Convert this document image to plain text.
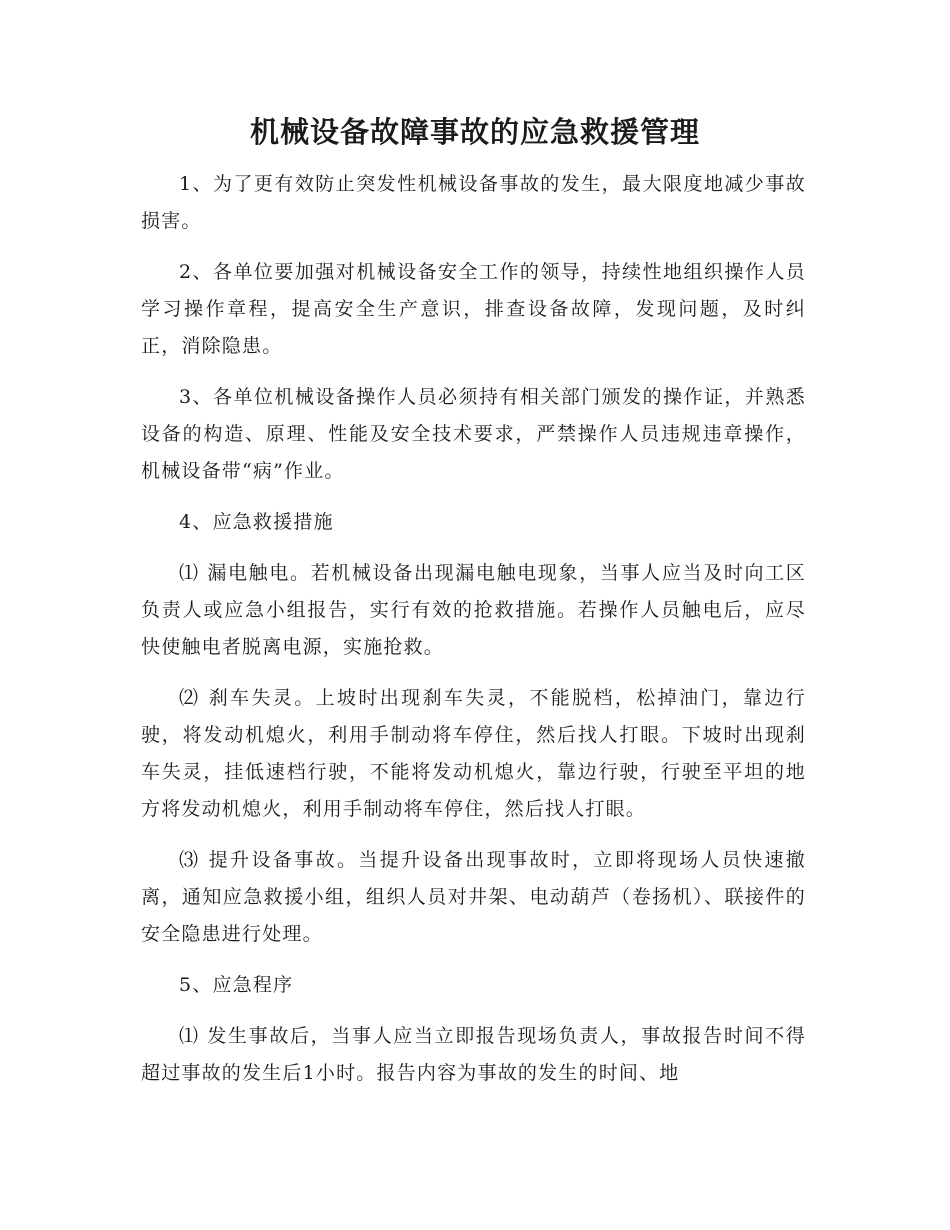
机械设备故障事故的应急救援管理

1、为了更有效防止突发性机械设备事故的发生，最大限度地减少事故损害。

2、各单位要加强对机械设备安全工作的领导，持续性地组织操作人员学习操作章程，提高安全生产意识，排查设备故障，发现问题，及时纠正，消除隐患。

3、各单位机械设备操作人员必须持有相关部门颁发的操作证，并熟悉设备的构造、原理、性能及安全技术要求，严禁操作人员违规违章操作，机械设备带“病”作业。

4、应急救援措施

⑴ 漏电触电。若机械设备出现漏电触电现象，当事人应当及时向工区负责人或应急小组报告，实行有效的抢救措施。若操作人员触电后，应尽快使触电者脱离电源，实施抢救。

⑵ 刹车失灵。上坡时出现刹车失灵，不能脱档，松掉油门，靠边行驶，将发动机熄火，利用手制动将车停住，然后找人打眼。下坡时出现刹车失灵，挂低速档行驶，不能将发动机熄火，靠边行驶，行驶至平坦的地方将发动机熄火，利用手制动将车停住，然后找人打眼。

⑶ 提升设备事故。当提升设备出现事故时，立即将现场人员快速撤离，通知应急救援小组，组织人员对井架、电动葫芦（卷扬机）、联接件的安全隐患进行处理。

5、应急程序

⑴ 发生事故后，当事人应当立即报告现场负责人，事故报告时间不得超过事故的发生后1小时。报告内容为事故的发生的时间、地
